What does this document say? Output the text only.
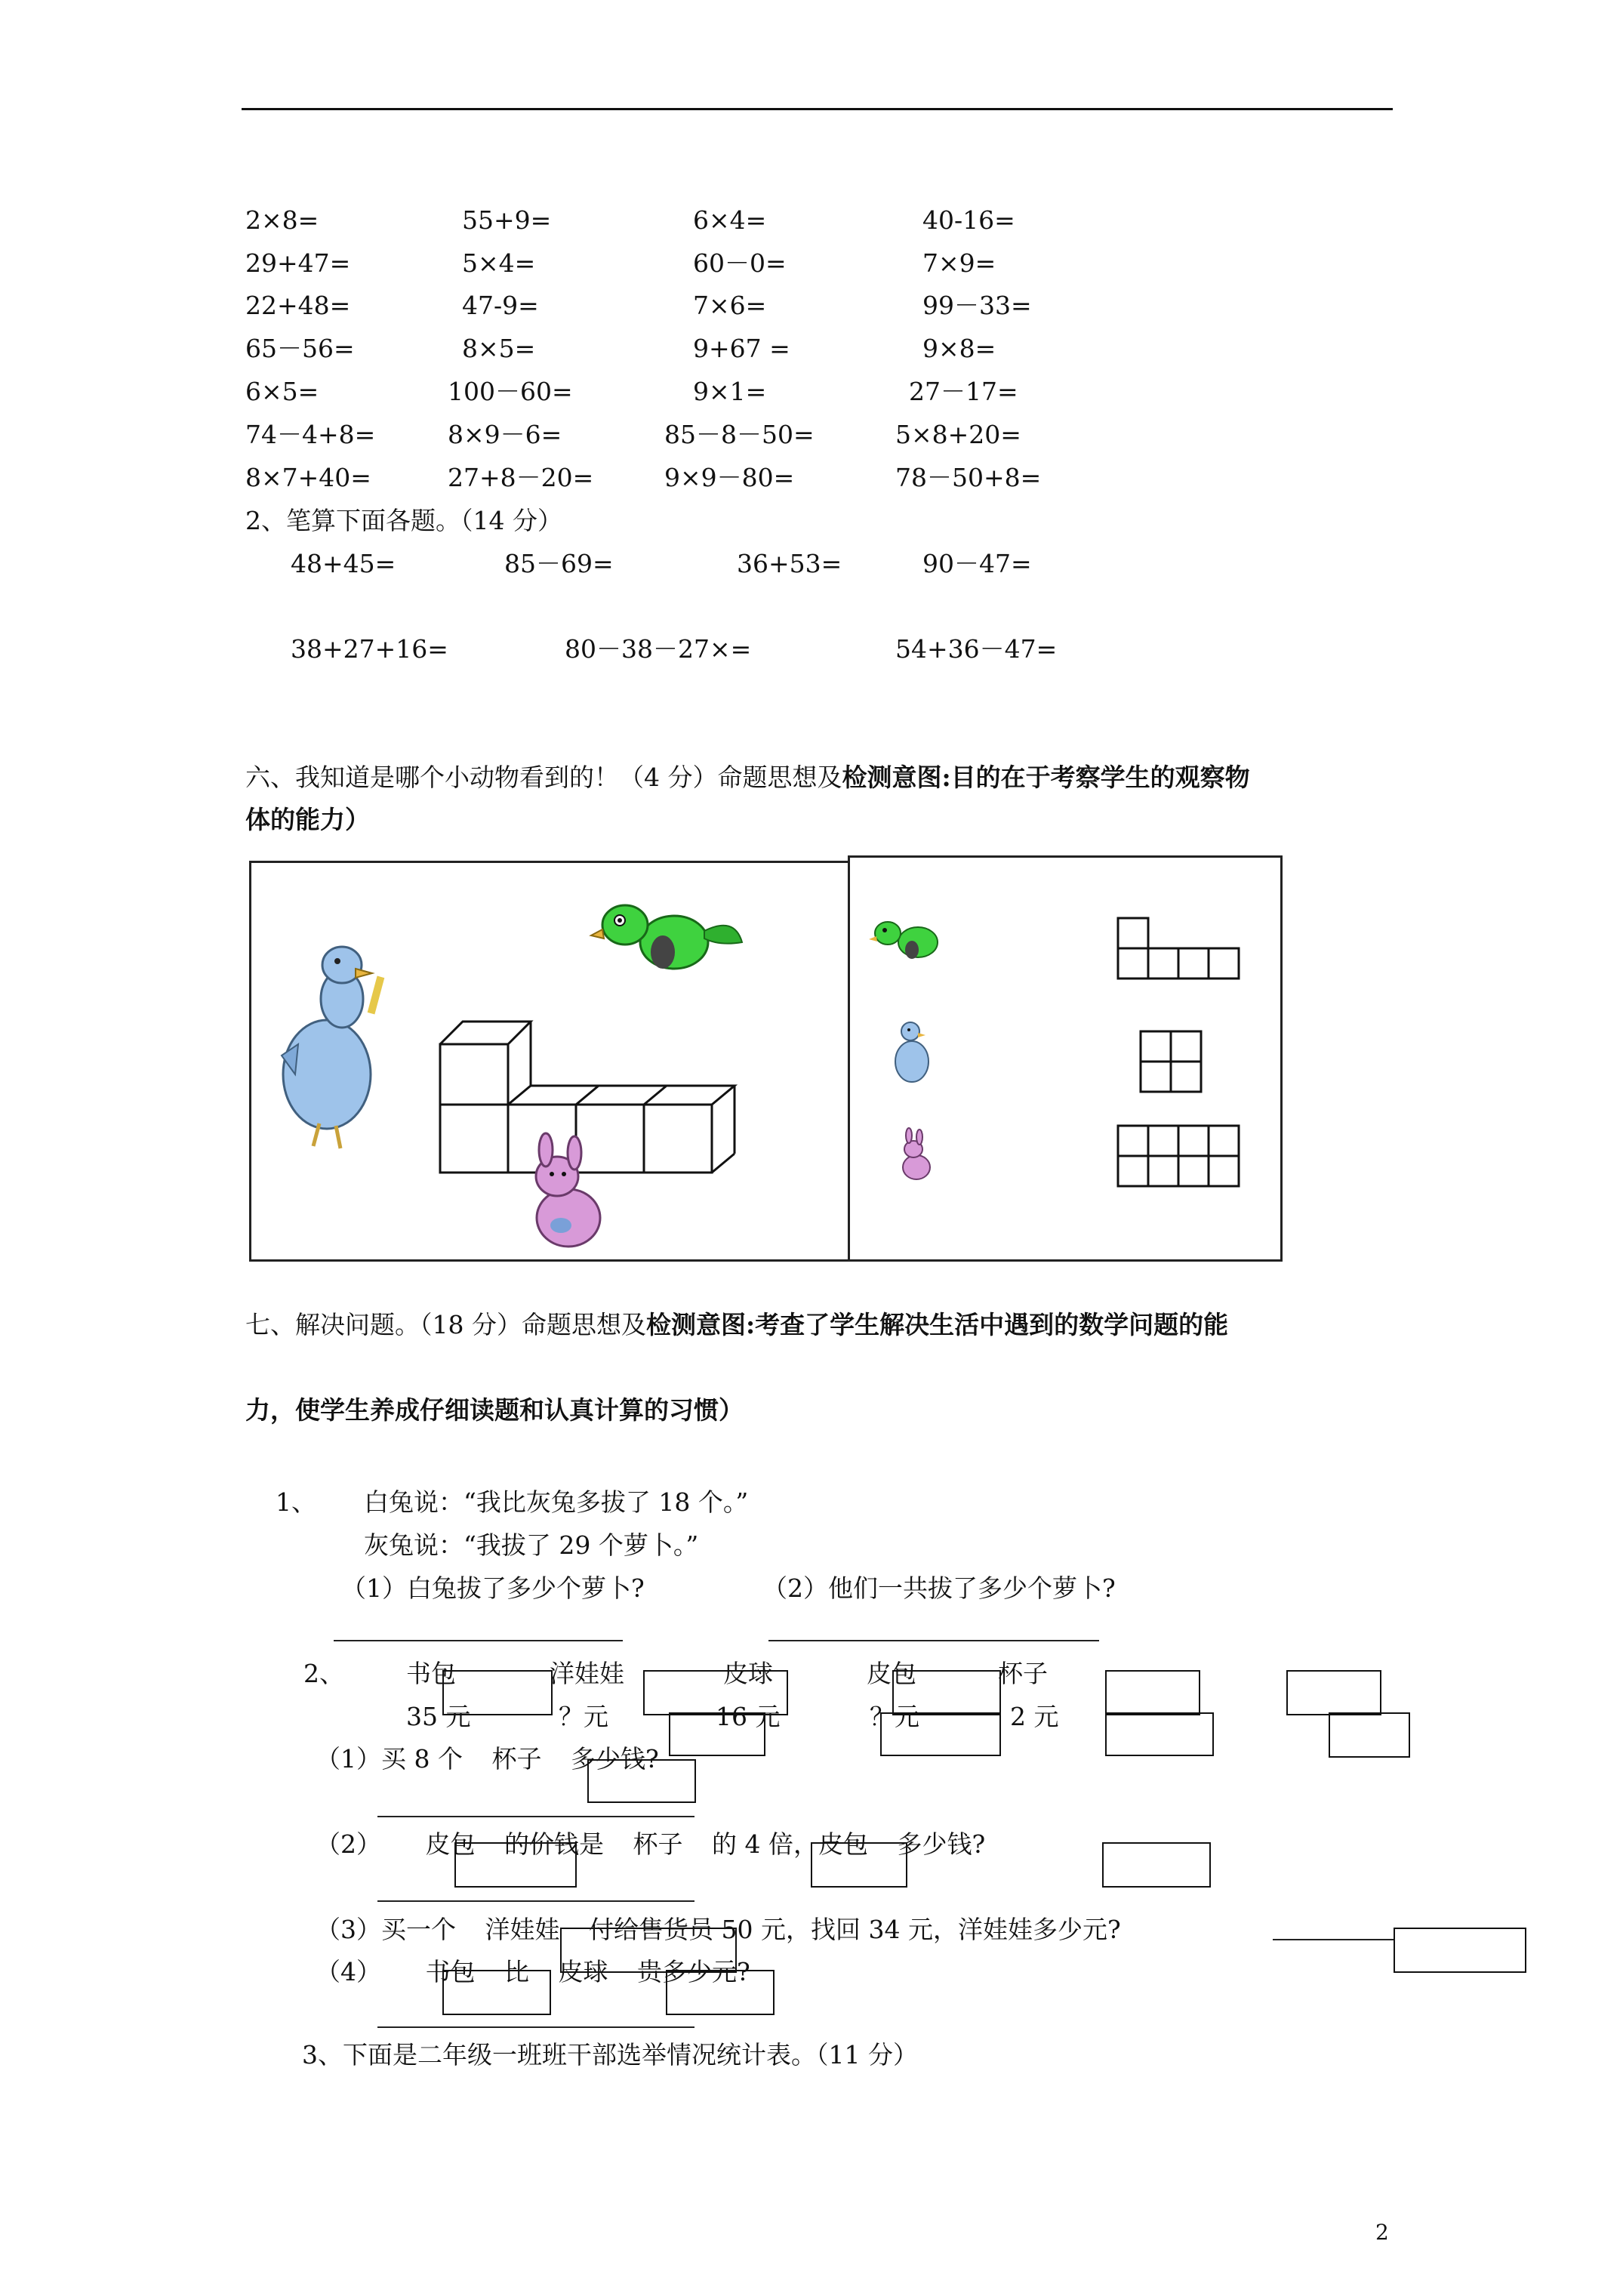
2×8=	55+9=	6×4=	40-16=
29+47=	5×4=	60－0=	7×9=
22+48=	47-9=	7×6=	99－33=
65－56=	8×5=	9+67 =	9×8=
6×5=	100－60=	9×1=	27－17=
74－4+8=	8×9－6=	85－8－50=	5×8+20=
8×7+40=	27+8－20=	9×9－80=	78－50+8=
2、笔算下面各题。（14 分）
48+45=	85－69=	36+53=	90－47=
38+27+16=	80－38－27×=	54+36－47=
六、我知道是哪个小动物看到的！（4 分）命题思想及检测意图:目的在于考察学生的观察物
体的能力）
七、解决问题。（18 分）命题思想及检测意图:考查了学生解决生活中遇到的数学问题的能
力，使学生养成仔细读题和认真计算的习惯）
1、 白兔说：“我比灰兔多拔了 18 个。”
灰兔说：“我拔了 29 个萝卜。”
（1）白兔拔了多少个萝卜?	（2）他们一共拔了多少个萝卜?
2、 书包	洋娃娃	皮球	皮包	杯子
35 元	？元	16 元	？元	2 元
（1）买 8 个 杯子 多少钱?
（2） 皮包 的价钱是 杯子 的 4 倍，皮包 多少钱?
（3）买一个 洋娃娃 付给售货员 50 元，找回 34 元，洋娃娃多少元?
（4） 书包 比 皮球 贵多少元?
3、下面是二年级一班班干部选举情况统计表。（11 分）
2
